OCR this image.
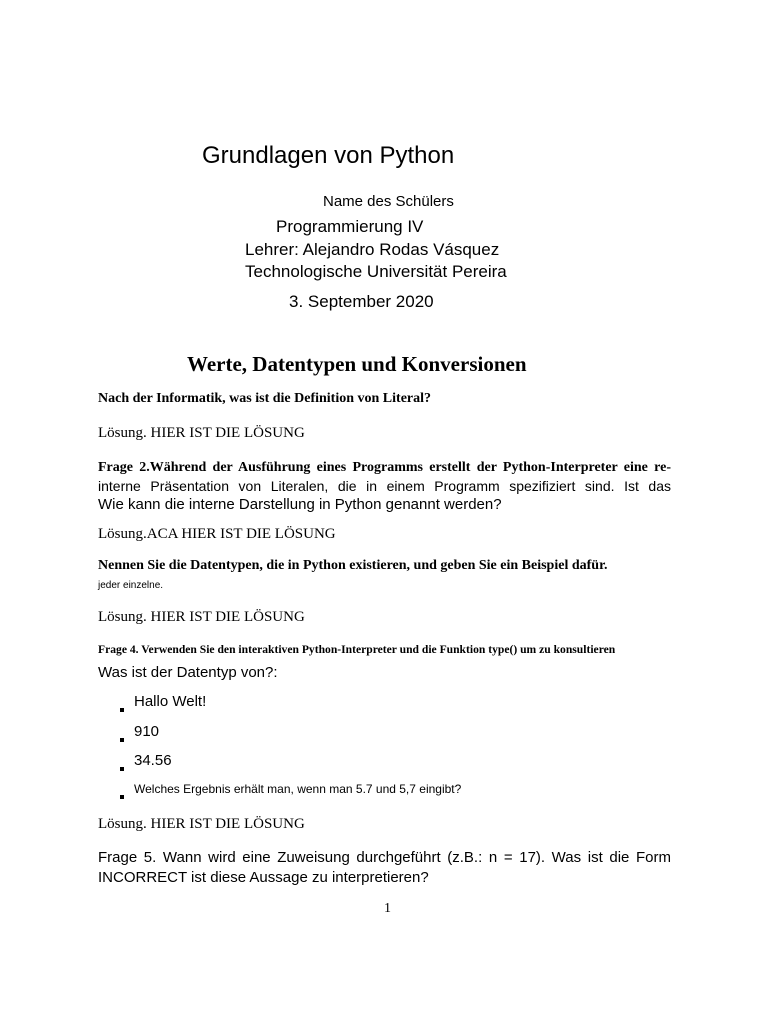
Grundlagen von Python
Name des Schülers
Programmierung IV
Lehrer: Alejandro Rodas Vásquez
Technologische Universität Pereira
3. September 2020
Werte, Datentypen und Konversionen
Nach der Informatik, was ist die Definition von Literal?
Lösung. HIER IST DIE LÖSUNG
Frage 2.Während der Ausführung eines Programms erstellt der Python-Interpreter eine re-
interne Präsentation von Literalen, die in einem Programm spezifiziert sind. Ist das
Wie kann die interne Darstellung in Python genannt werden?
Lösung.ACA HIER IST DIE LÖSUNG
Nennen Sie die Datentypen, die in Python existieren, und geben Sie ein Beispiel dafür.
jeder einzelne.
Lösung. HIER IST DIE LÖSUNG
Frage 4. Verwenden Sie den interaktiven Python-Interpreter und die Funktion type() um zu konsultieren
Was ist der Datentyp von?:
Hallo Welt!
910
34.56
Welches Ergebnis erhält man, wenn man 5.7 und 5,7 eingibt?
Lösung. HIER IST DIE LÖSUNG
Frage 5. Wann wird eine Zuweisung durchgeführt (z.B.: n = 17). Was ist die Form
INCORRECT ist diese Aussage zu interpretieren?
1
